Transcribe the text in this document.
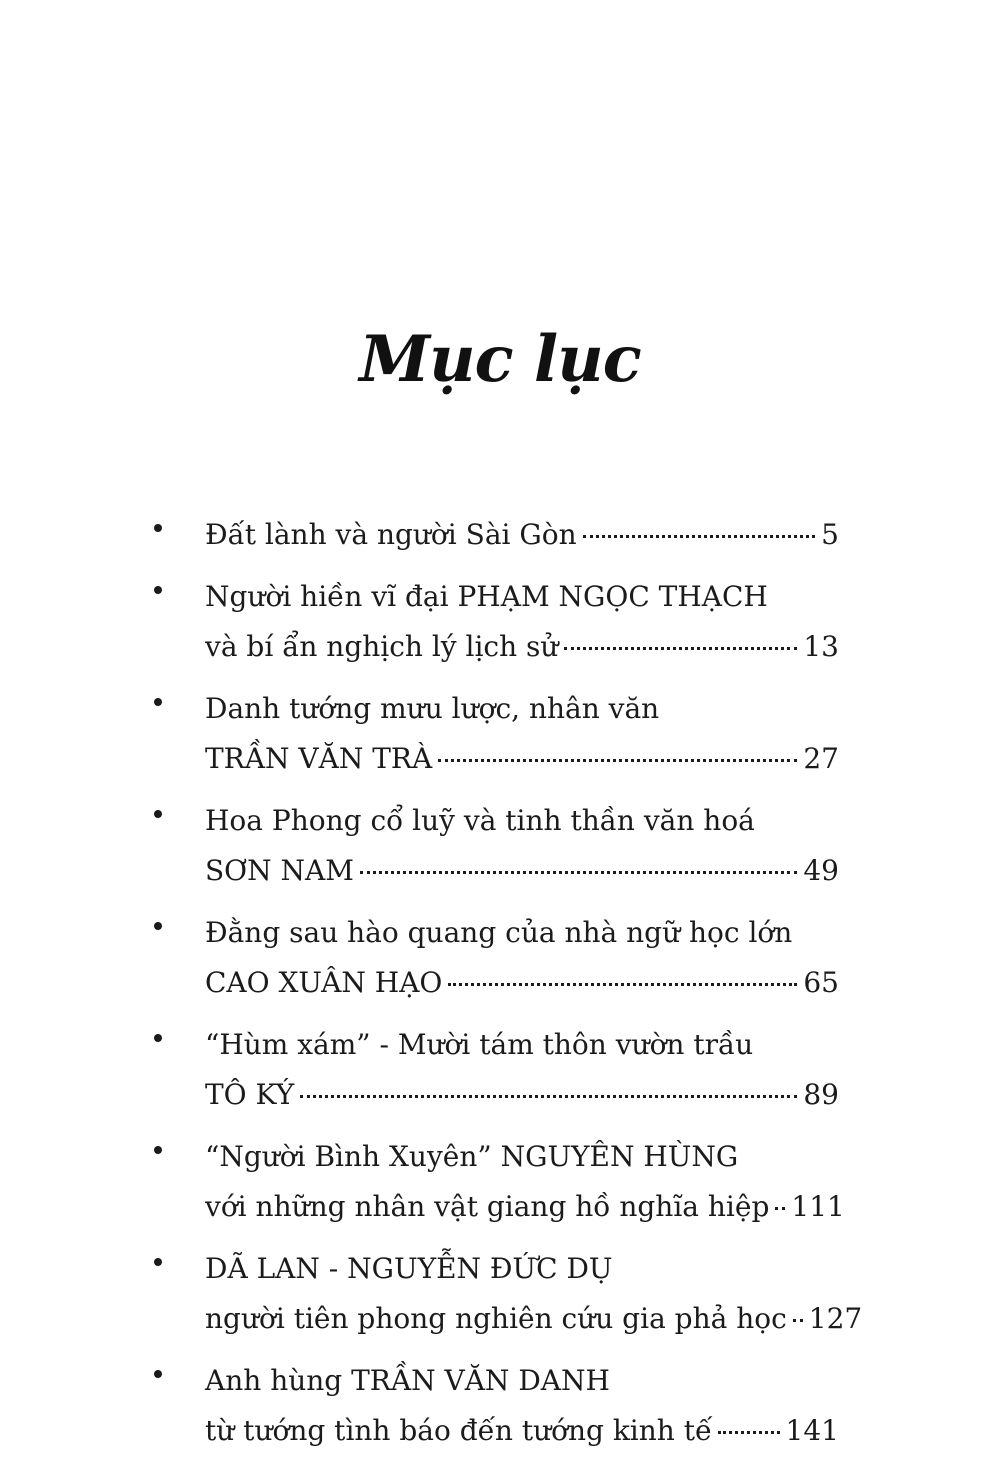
Mục lục
Đất lành và người Sài Gòn	5
Người hiền vĩ đại PHẠM NGỌC THẠCH
và bí ẩn nghịch lý lịch sử	13
Danh tướng mưu lược, nhân văn
TRẦN VĂN TRÀ	27
Hoa Phong cổ luỹ và tinh thần văn hoá
SƠN NAM	49
Đằng sau hào quang của nhà ngữ học lớn
CAO XUÂN HẠO	65
“Hùm xám” - Mười tám thôn vườn trầu
TÔ KÝ	89
“Người Bình Xuyên” NGUYÊN HÙNG
với những nhân vật giang hồ nghĩa hiệp 111
DÃ LAN - NGUYỄN ĐỨC DỤ
người tiên phong nghiên cứu gia phả học 127
Anh hùng TRẦN VĂN DANH
từ tướng tình báo đến tướng kinh tế	141
